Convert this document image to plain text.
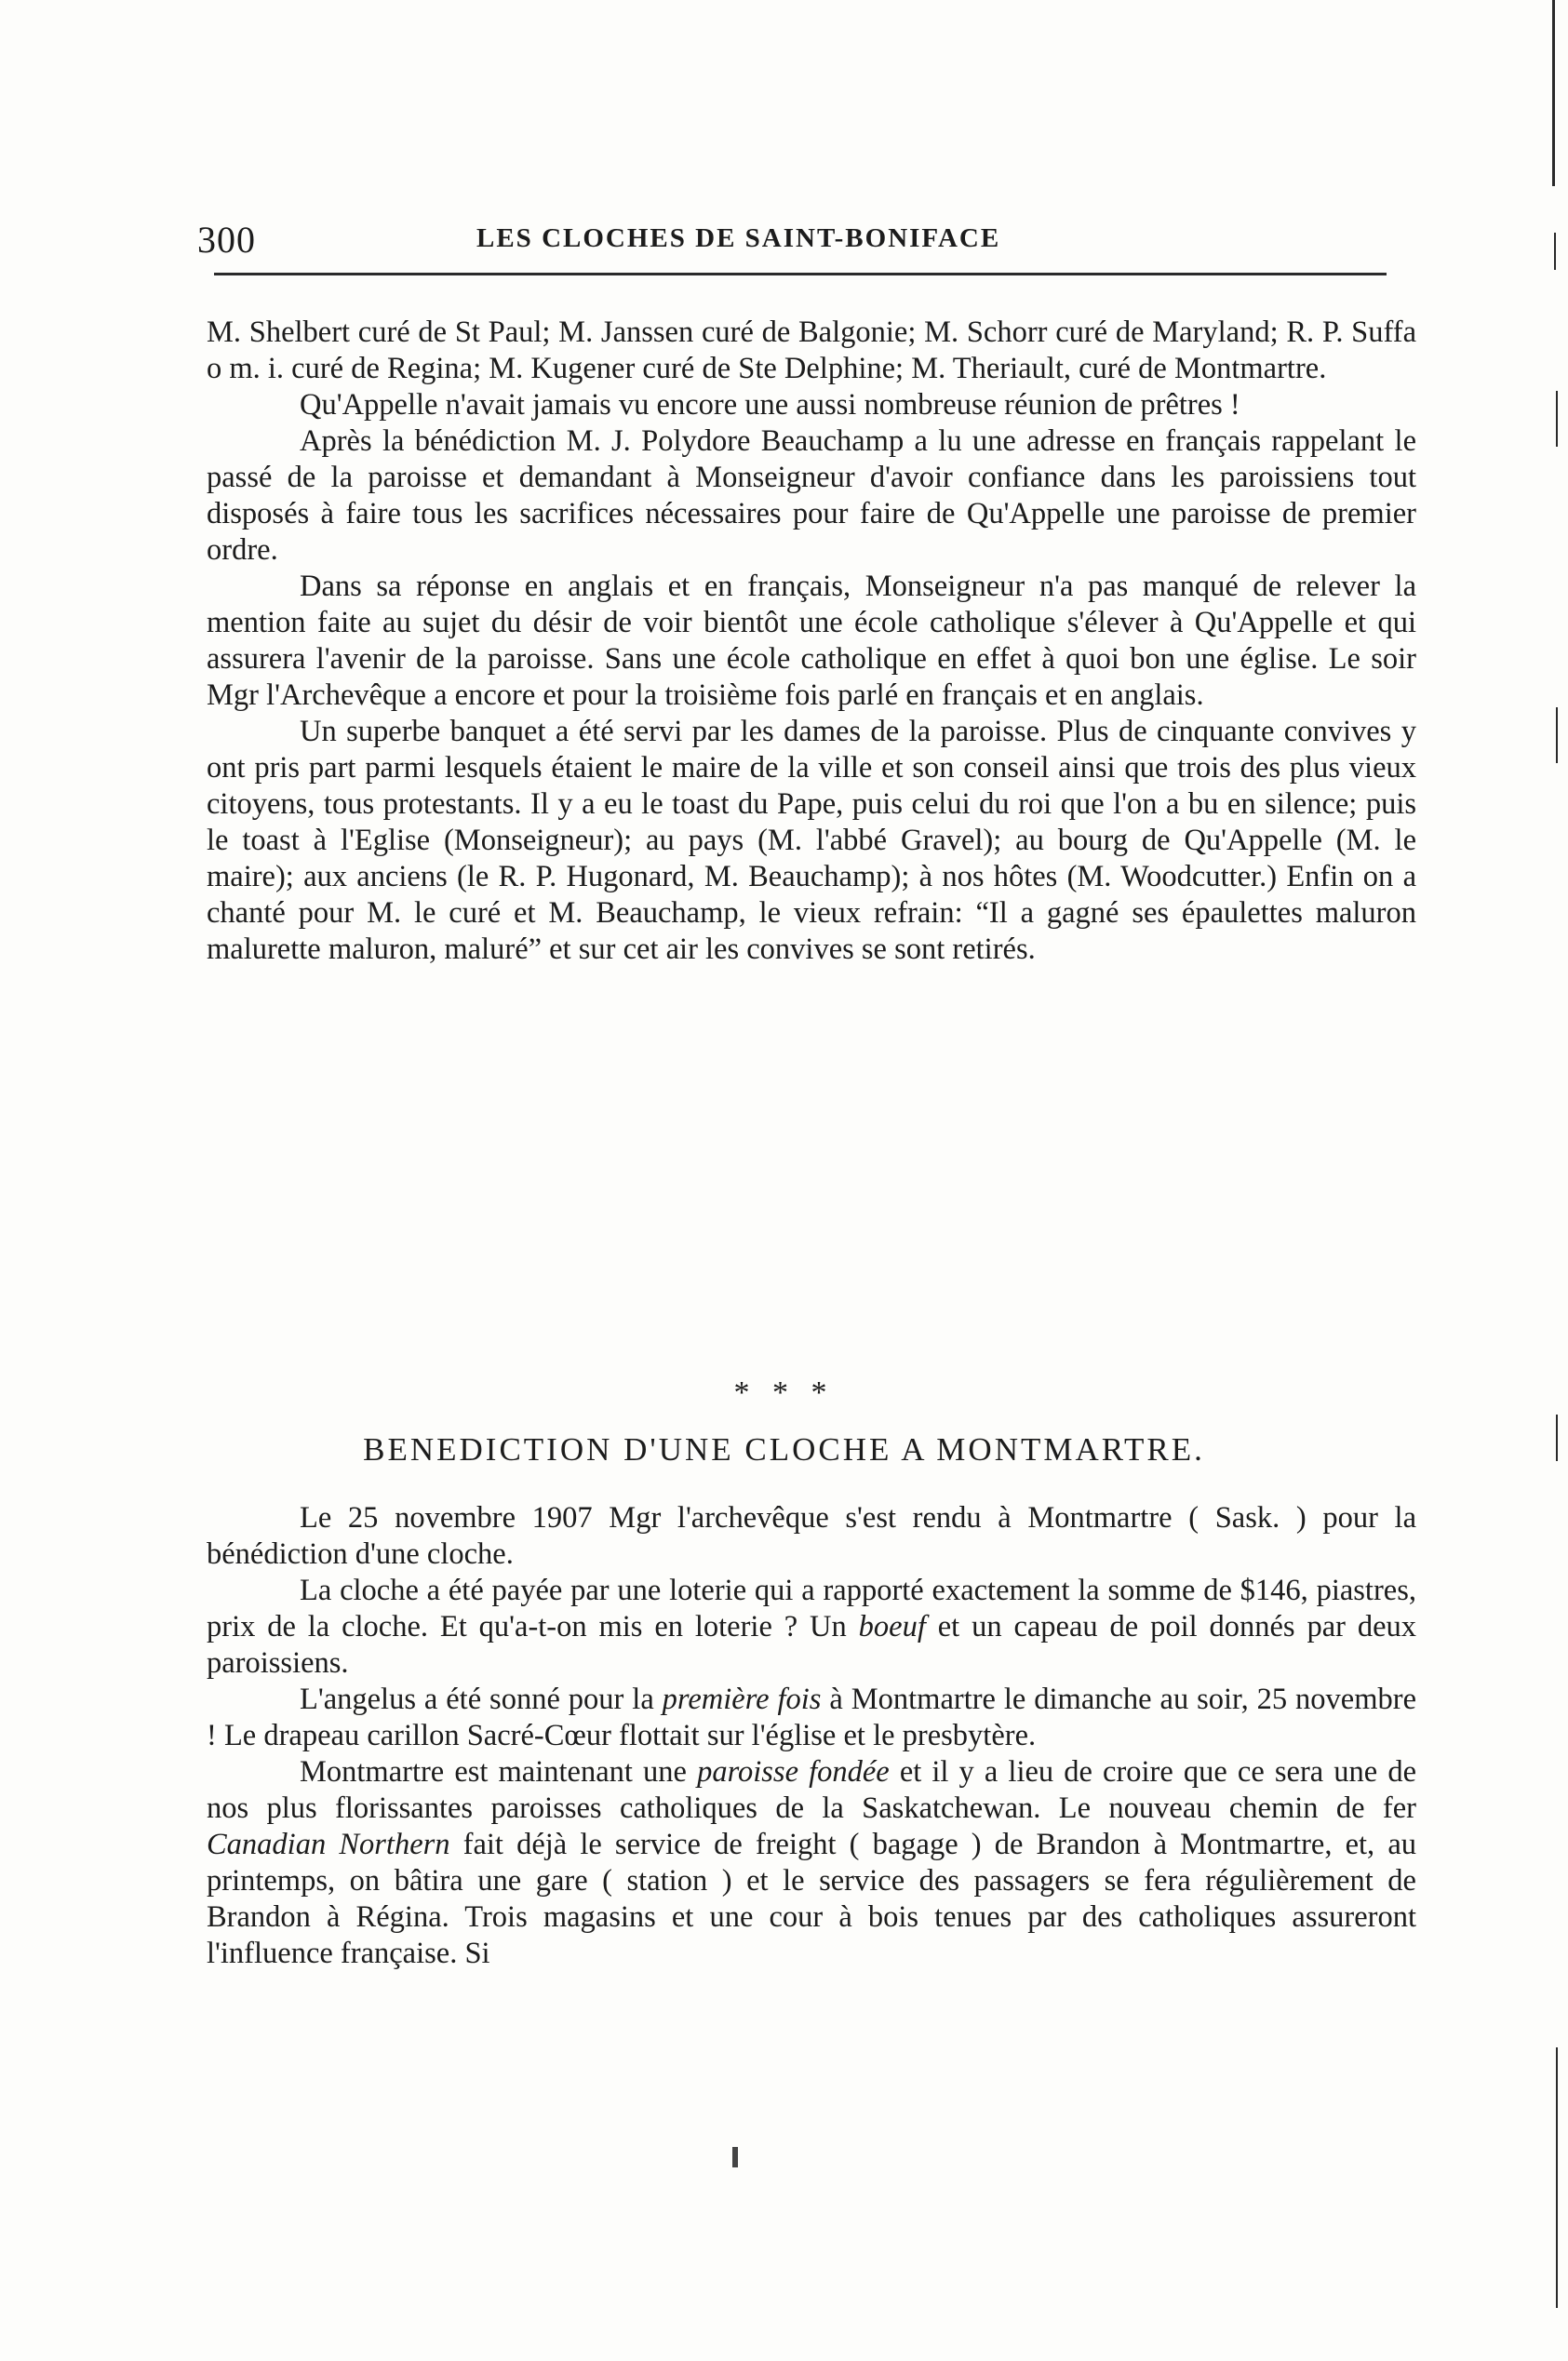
300	LES CLOCHES DE SAINT-BONIFACE

M. Shelbert curé de St Paul; M. Janssen curé de Balgonie; M. Schorr curé de Maryland; R. P. Suffa o m. i. curé de Regina; M. Kugener curé de Ste Delphine; M. Theriault, curé de Montmartre.

Qu'Appelle n'avait jamais vu encore une aussi nombreuse réunion de prêtres !

Après la bénédiction M. J. Polydore Beauchamp a lu une adresse en français rappelant le passé de la paroisse et demandant à Monseigneur d'avoir confiance dans les paroissiens tout disposés à faire tous les sacrifices nécessaires pour faire de Qu'Appelle une paroisse de premier ordre.

Dans sa réponse en anglais et en français, Monseigneur n'a pas manqué de relever la mention faite au sujet du désir de voir bientôt une école catholique s'élever à Qu'Appelle et qui assurera l'avenir de la paroisse. Sans une école catholique en effet à quoi bon une église. Le soir Mgr l'Archevêque a encore et pour la troisième fois parlé en français et en anglais.

Un superbe banquet a été servi par les dames de la paroisse. Plus de cinquante convives y ont pris part parmi lesquels étaient le maire de la ville et son conseil ainsi que trois des plus vieux citoyens, tous protestants. Il y a eu le toast du Pape, puis celui du roi que l'on a bu en silence; puis le toast à l'Eglise (Monseigneur); au pays (M. l'abbé Gravel); au bourg de Qu'Appelle (M. le maire); aux anciens (le R. P. Hugonard, M. Beauchamp); à nos hôtes (M. Woodcutter.) Enfin on a chanté pour M. le curé et M. Beauchamp, le vieux refrain: “Il a gagné ses épaulettes maluron malurette maluron, maluré” et sur cet air les convives se sont retirés.

* * *
BENEDICTION D'UNE CLOCHE A MONTMARTRE.

Le 25 novembre 1907 Mgr l'archevêque s'est rendu à Montmartre ( Sask. ) pour la bénédiction d'une cloche.

La cloche a été payée par une loterie qui a rapporté exactement la somme de $146, piastres, prix de la cloche. Et qu'a-t-on mis en loterie ? Un boeuf et un capeau de poil donnés par deux paroissiens.

L'angelus a été sonné pour la première fois à Montmartre le dimanche au soir, 25 novembre ! Le drapeau carillon Sacré-Cœur flottait sur l'église et le presbytère.

Montmartre est maintenant une paroisse fondée et il y a lieu de croire que ce sera une de nos plus florissantes paroisses catholiques de la Saskatchewan. Le nouveau chemin de fer Canadian Northern fait déjà le service de freight ( bagage ) de Brandon à Montmartre, et, au printemps, on bâtira une gare ( station ) et le service des passagers se fera régulièrement de Brandon à Régina. Trois magasins et une cour à bois tenues par des catholiques assureront l'influence française. Si
